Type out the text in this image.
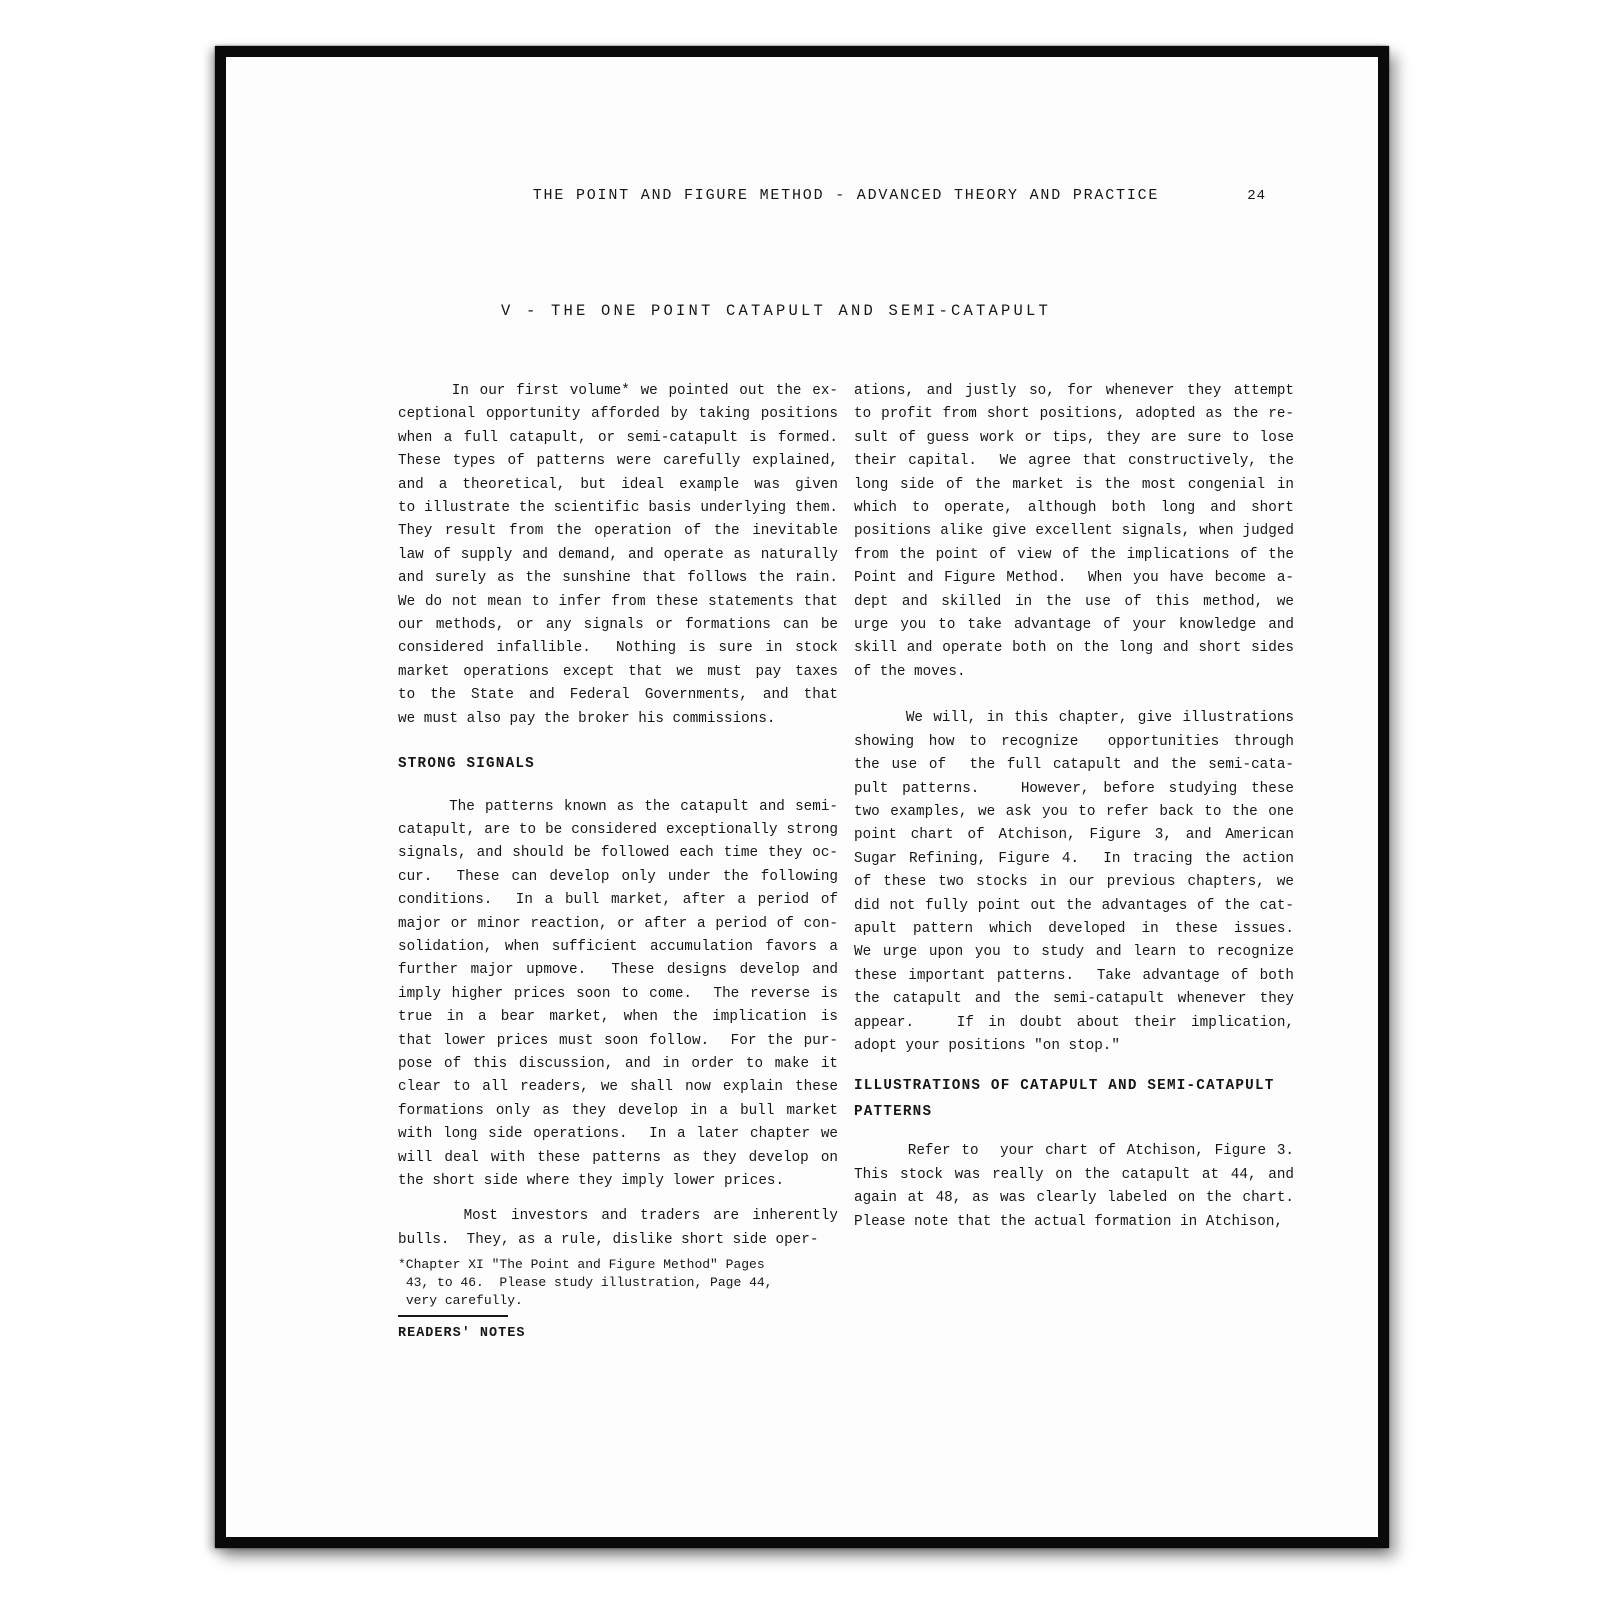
THE POINT AND FIGURE METHOD - ADVANCED THEORY AND PRACTICE	24
V - THE ONE POINT CATAPULT AND SEMI-CATAPULT
In our first volume* we pointed out the ex-
ceptional opportunity afforded by taking positions
when a full catapult, or semi-catapult is formed.
These types of patterns were carefully explained,
and a theoretical, but ideal example was given
to illustrate the scientific basis underlying them.
They result from the operation of the inevitable
law of supply and demand, and operate as naturally
and surely as the sunshine that follows the rain.
We do not mean to infer from these statements that
our methods, or any signals or formations can be
considered infallible.  Nothing is sure in stock
market operations except that we must pay taxes
to the State and Federal Governments, and that
we must also pay the broker his commissions.
STRONG SIGNALS
The patterns known as the catapult and semi-
catapult, are to be considered exceptionally strong
signals, and should be followed each time they oc-
cur.  These can develop only under the following
conditions.  In a bull market, after a period of
major or minor reaction, or after a period of con-
solidation, when sufficient accumulation favors a
further major upmove.  These designs develop and
imply higher prices soon to come.  The reverse is
true in a bear market, when the implication is
that lower prices must soon follow.  For the pur-
pose of this discussion, and in order to make it
clear to all readers, we shall now explain these
formations only as they develop in a bull market
with long side operations.  In a later chapter we
will deal with these patterns as they develop on
the short side where they imply lower prices.
Most investors and traders are inherently
bulls.  They, as a rule, dislike short side oper-
*Chapter XI "The Point and Figure Method" Pages
43, to 46.  Please study illustration, Page 44,
very carefully.
READERS' NOTES
ations, and justly so, for whenever they attempt
to profit from short positions, adopted as the re-
sult of guess work or tips, they are sure to lose
their capital.  We agree that constructively, the
long side of the market is the most congenial in
which to operate, although both long and short
positions alike give excellent signals, when judged
from the point of view of the implications of the
Point and Figure Method.  When you have become a-
dept and skilled in the use of this method, we
urge you to take advantage of your knowledge and
skill and operate both on the long and short sides
of the moves.
We will, in this chapter, give illustrations
showing how to recognize  opportunities through
the use of  the full catapult and the semi-cata-
pult patterns.   However, before studying these
two examples, we ask you to refer back to the one
point chart of Atchison, Figure 3, and American
Sugar Refining, Figure 4.  In tracing the action
of these two stocks in our previous chapters, we
did not fully point out the advantages of the cat-
apult pattern which developed in these issues.
We urge upon you to study and learn to recognize
these important patterns.  Take advantage of both
the catapult and the semi-catapult whenever they
appear.   If in doubt about their implication,
adopt your positions "on stop."
ILLUSTRATIONS OF CATAPULT AND SEMI-CATAPULT
PATTERNS
Refer to  your chart of Atchison, Figure 3.
This stock was really on the catapult at 44, and
again at 48, as was clearly labeled on the chart.
Please note that the actual formation in Atchison,
